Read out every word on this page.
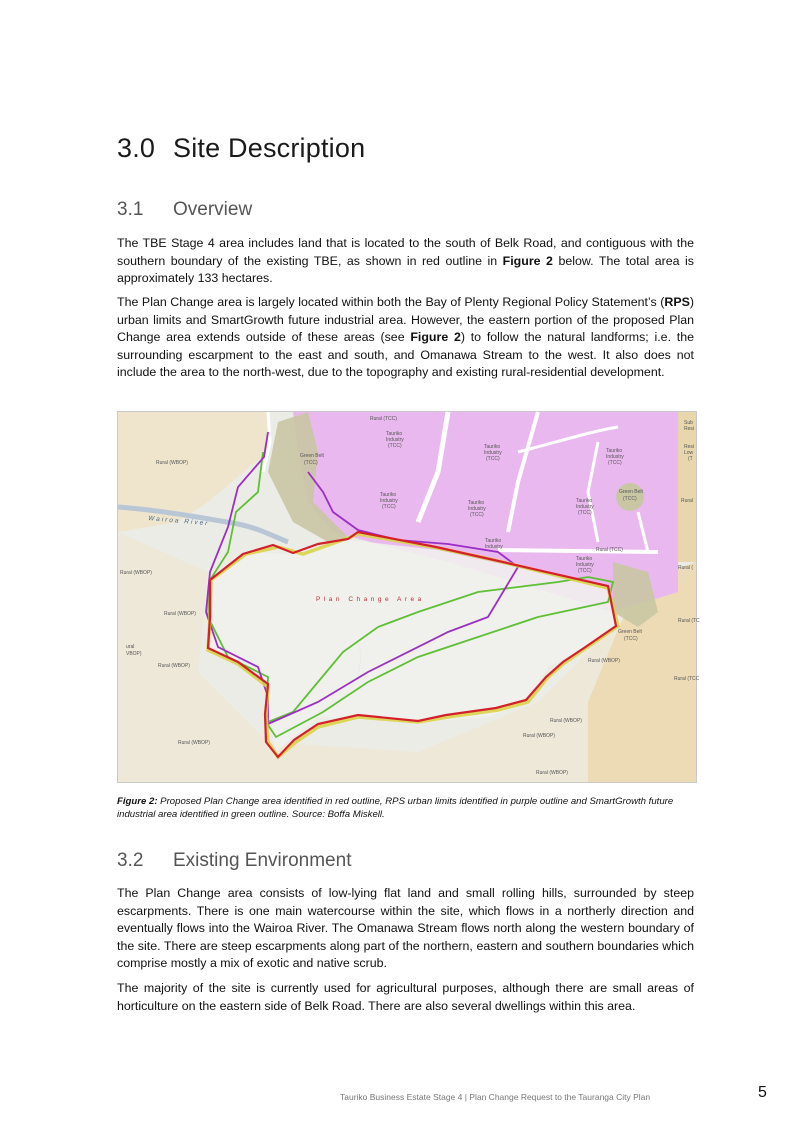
3.0 Site Description
3.1 Overview

The TBE Stage 4 area includes land that is located to the south of Belk Road, and contiguous with the southern boundary of the existing TBE, as shown in red outline in Figure 2 below. The total area is approximately 133 hectares.

The Plan Change area is largely located within both the Bay of Plenty Regional Policy Statement’s (RPS) urban limits and SmartGrowth future industrial area. However, the eastern portion of the proposed Plan Change area extends outside of these areas (see Figure 2) to follow the natural landforms; i.e. the surrounding escarpment to the east and south, and Omanawa Stream to the west. It also does not include the area to the north-west, due to the topography and existing rural-residential development.

Plan Change Area
Wairoa River
Rural (WBOP)
Rural (WBOP)
Rural (WBOP)
Rural (WBOP)
Rural (WBOP)
Rural (WBOP)
Rural (WBOP)
Rural (WBOP)
Rural (WBOP)
Rural (TCC)
Rural (TCC)
Green Belt
(TCC)
Green Belt
(TCC)
Green Belt
(TCC)
ural
VBOP)
Tauriko
Industry
(TCC)	Tauriko
Industry
(TCC)
Tauriko
Industry
(TCC)
Tauriko
Industry
(TCC)
Tauriko
Industry
(TCC)
Tauriko
Industry
(TCC)
Tauriko
Industry
Tauriko
Industry
(TCC)
Sub
Resi
Resi
Low
(T
Rural
Rural (
Rural (TC
Rural (TCC

Figure 2: Proposed Plan Change area identified in red outline, RPS urban limits identified in purple outline and SmartGrowth future industrial area identified in green outline. Source: Boffa Miskell.

3.2 Existing Environment

The Plan Change area consists of low-lying flat land and small rolling hills, surrounded by steep escarpments. There is one main watercourse within the site, which flows in a northerly direction and eventually flows into the Wairoa River. The Omanawa Stream flows north along the western boundary of the site. There are steep escarpments along part of the northern, eastern and southern boundaries which comprise mostly a mix of exotic and native scrub.

The majority of the site is currently used for agricultural purposes, although there are small areas of horticulture on the eastern side of Belk Road. There are also several dwellings within this area.

Tauriko Business Estate Stage 4 | Plan Change Request to the Tauranga City Plan	5
